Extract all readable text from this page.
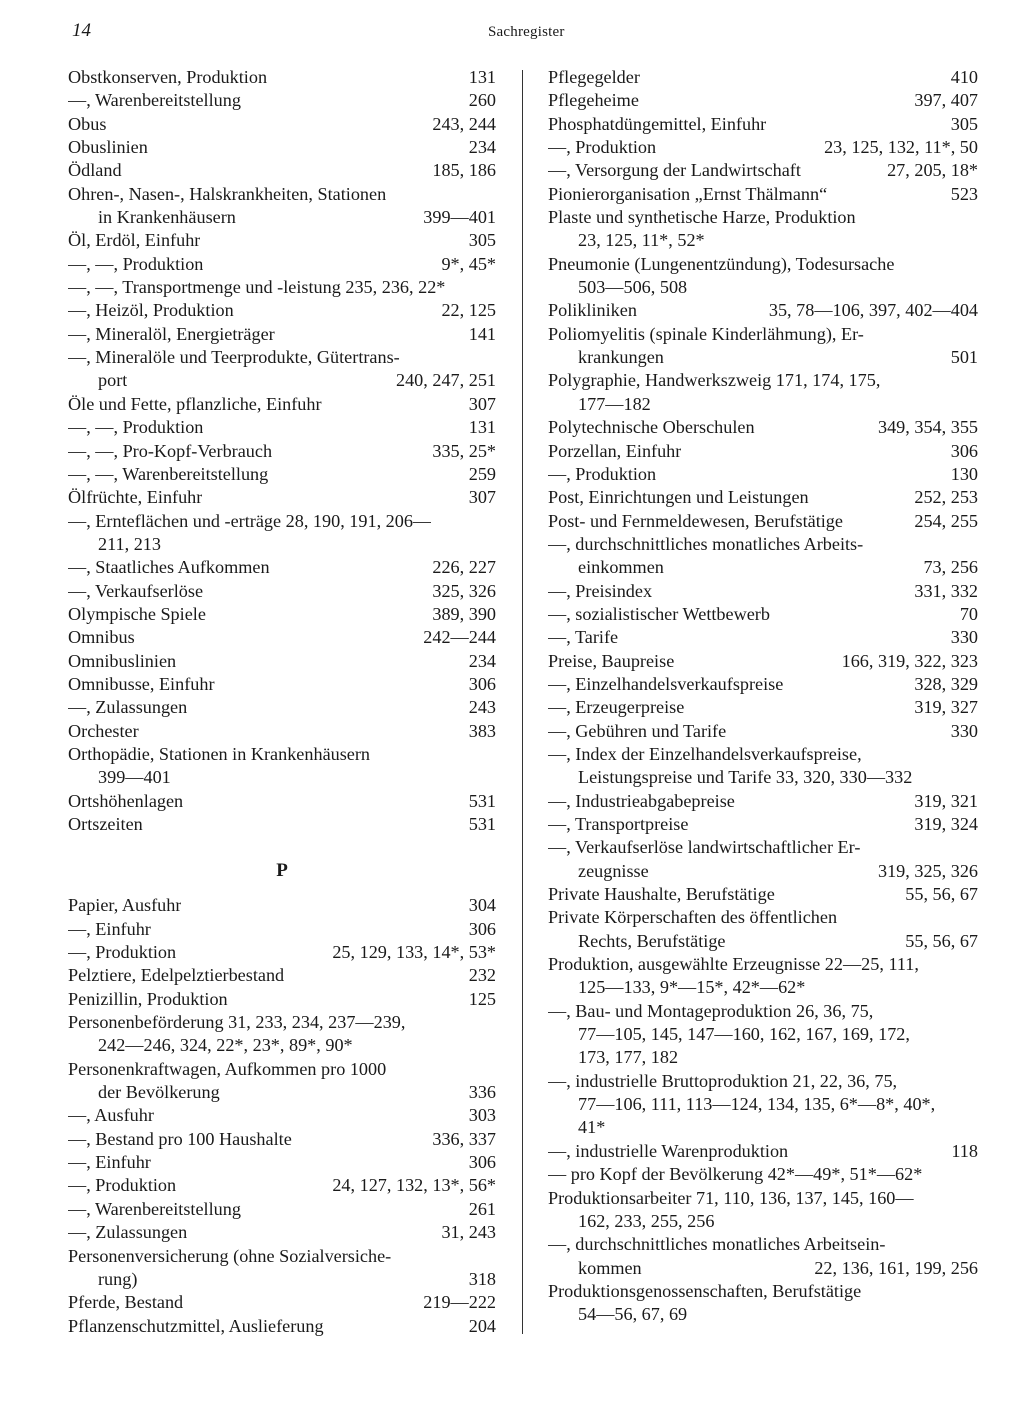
14	Sachregister
Obstkonserven, Produktion	131
—, Warenbereitstellung	260
Obus	243, 244
Obuslinien	234
Ödland	185, 186
Ohren-, Nasen-, Halskrankheiten, Stationen
in Krankenhäusern	399—401
Öl, Erdöl, Einfuhr	305
—, —, Produktion	9*, 45*
—, —, Transportmenge und -leistung 235, 236, 22*
—, Heizöl, Produktion	22, 125
—, Mineralöl, Energieträger	141
—, Mineralöle und Teerprodukte, Gütertrans-
port	240, 247, 251
Öle und Fette, pflanzliche, Einfuhr	307
—, —, Produktion	131
—, —, Pro-Kopf-Verbrauch	335, 25*
—, —, Warenbereitstellung	259
Ölfrüchte, Einfuhr	307
—, Ernteflächen und -erträge 28, 190, 191, 206—
211, 213
—, Staatliches Aufkommen	226, 227
—, Verkaufserlöse	325, 326
Olympische Spiele	389, 390
Omnibus	242—244
Omnibuslinien	234
Omnibusse, Einfuhr	306
—, Zulassungen	243
Orchester	383
Orthopädie, Stationen in Krankenhäusern
399—401
Ortshöhenlagen	531
Ortszeiten	531
P
Papier, Ausfuhr	304
—, Einfuhr	306
—, Produktion	25, 129, 133, 14*, 53*
Pelztiere, Edelpelztierbestand	232
Penizillin, Produktion	125
Personenbeförderung 31, 233, 234, 237—239,
242—246, 324, 22*, 23*, 89*, 90*
Personenkraftwagen, Aufkommen pro 1000
der Bevölkerung	336
—, Ausfuhr	303
—, Bestand pro 100 Haushalte	336, 337
—, Einfuhr	306
—, Produktion	24, 127, 132, 13*, 56*
—, Warenbereitstellung	261
—, Zulassungen	31, 243
Personenversicherung (ohne Sozialversiche-
rung)	318
Pferde, Bestand	219—222
Pflanzenschutzmittel, Auslieferung	204
Pflegegelder	410
Pflegeheime	397, 407
Phosphatdüngemittel, Einfuhr	305
—, Produktion	23, 125, 132, 11*, 50
—, Versorgung der Landwirtschaft	27, 205, 18*
Pionierorganisation „Ernst Thälmann“	523
Plaste und synthetische Harze, Produktion
23, 125, 11*, 52*
Pneumonie (Lungenentzündung), Todesursache
503—506, 508
Polikliniken	35, 78—106, 397, 402—404
Poliomyelitis (spinale Kinderlähmung), Er-
krankungen	501
Polygraphie, Handwerkszweig 171, 174, 175,
177—182
Polytechnische Oberschulen	349, 354, 355
Porzellan, Einfuhr	306
—, Produktion	130
Post, Einrichtungen und Leistungen	252, 253
Post- und Fernmeldewesen, Berufstätige	254, 255
—, durchschnittliches monatliches Arbeits-
einkommen	73, 256
—, Preisindex	331, 332
—, sozialistischer Wettbewerb	70
—, Tarife	330
Preise, Baupreise	166, 319, 322, 323
—, Einzelhandelsverkaufspreise	328, 329
—, Erzeugerpreise	319, 327
—, Gebühren und Tarife	330
—, Index der Einzelhandelsverkaufspreise,
Leistungspreise und Tarife 33, 320, 330—332
—, Industrieabgabepreise	319, 321
—, Transportpreise	319, 324
—, Verkaufserlöse landwirtschaftlicher Er-
zeugnisse	319, 325, 326
Private Haushalte, Berufstätige	55, 56, 67
Private Körperschaften des öffentlichen
Rechts, Berufstätige	55, 56, 67
Produktion, ausgewählte Erzeugnisse 22—25, 111,
125—133, 9*—15*, 42*—62*
—, Bau- und Montageproduktion 26, 36, 75,
77—105, 145, 147—160, 162, 167, 169, 172,
173, 177, 182
—, industrielle Bruttoproduktion 21, 22, 36, 75,
77—106, 111, 113—124, 134, 135, 6*—8*, 40*,
41*
—, industrielle Warenproduktion	118
— pro Kopf der Bevölkerung 42*—49*, 51*—62*
Produktionsarbeiter 71, 110, 136, 137, 145, 160—
162, 233, 255, 256
—, durchschnittliches monatliches Arbeitsein-
kommen	22, 136, 161, 199, 256
Produktionsgenossenschaften, Berufstätige
54—56, 67, 69
